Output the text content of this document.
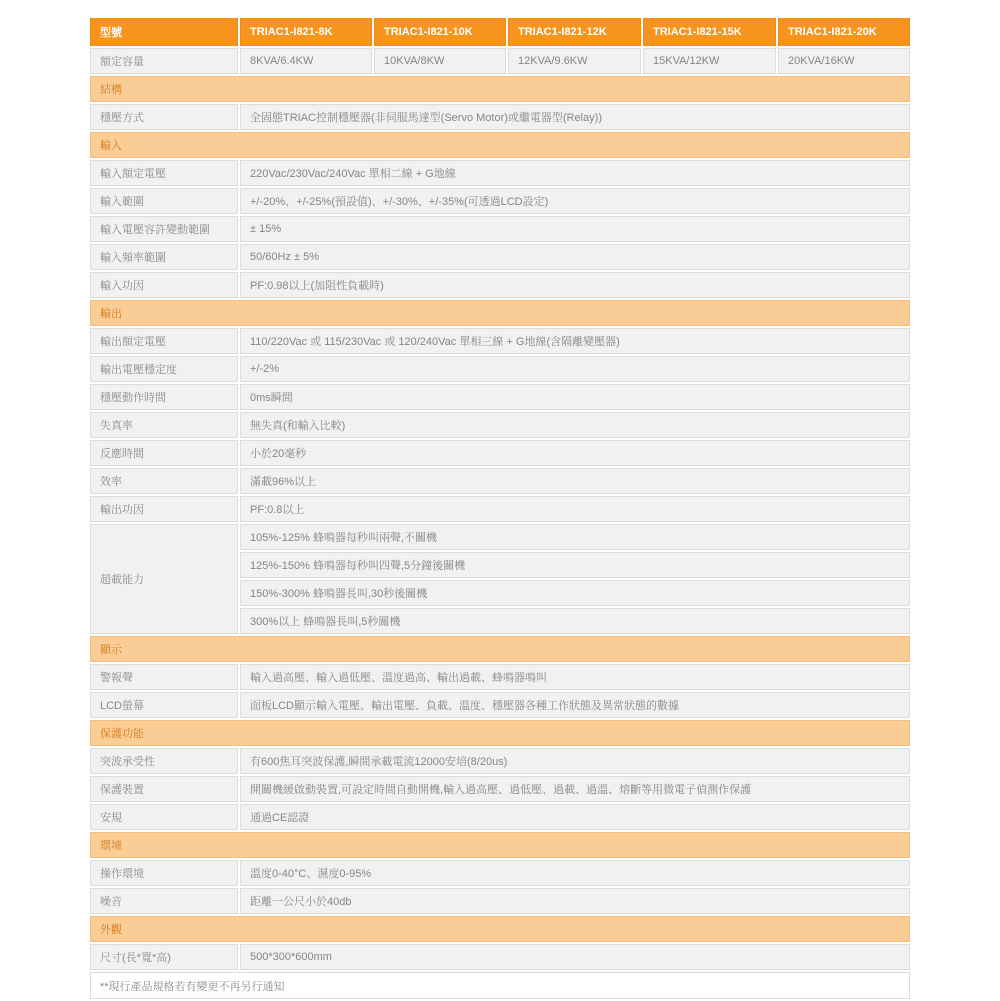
型號	TRIAC1-I821-8K	TRIAC1-I821-10K	TRIAC1-I821-12K	TRIAC1-I821-15K	TRIAC1-I821-20K
額定容量	8KVA/6.4KW	10KVA/8KW	12KVA/9.6KW	15KVA/12KW	20KVA/16KW
結構					
穩壓方式	全固態TRIAC控制穩壓器(非伺服馬達型(Servo Motor)或繼電器型(Relay))				
輸入					
輸入額定電壓	220Vac/230Vac/240Vac 單相二線 + G地線				
輸入範圍	+/-20%、+/-25%(預設值)、+/-30%、+/-35%(可透過LCD設定)				
輸入電壓容許變動範圍	± 15%				
輸入頻率範圍	50/60Hz ± 5%				
輸入功因	PF:0.98以上(加阻性負載時)				
輸出					
輸出額定電壓	110/220Vac 或 115/230Vac 或 120/240Vac 單相三線 + G地線(含隔離變壓器)				
輸出電壓穩定度	+/-2%				
穩壓動作時間	0ms瞬間				
失真率	無失真(和輸入比較)				
反應時間	小於20毫秒				
效率	滿載96%以上				
輸出功因	PF:0.8以上				
超載能力	105%-125% 蜂鳴器每秒叫兩聲,不關機				
	125%-150% 蜂鳴器每秒叫四聲,5分鐘後關機				
	150%-300% 蜂鳴器長叫,30秒後關機				
	300%以上 蜂鳴器長叫,5秒關機				
顯示					
警報聲	輸入過高壓、輸入過低壓、溫度過高、輸出過載、蜂鳴器鳴叫				
LCD螢幕	面板LCD顯示輸入電壓、輸出電壓、負載、溫度、穩壓器各種工作狀態及異常狀態的數據				
保護功能					
突波承受性	有600焦耳突波保護,瞬間承載電流12000安培(8/20us)				
保護裝置	開關機緩啟動裝置,可設定時間自動開機,輸入過高壓、過低壓、過載、過溫、熔斷等用微電子偵測作保護				
安規	通過CE認證				
環境					
操作環境	溫度0-40°C、濕度0-95%				
噪音	距離一公尺小於40db				
外觀					
尺寸(長*寬*高)	500*300*600mm				
**現行產品規格若有變更不再另行通知					
